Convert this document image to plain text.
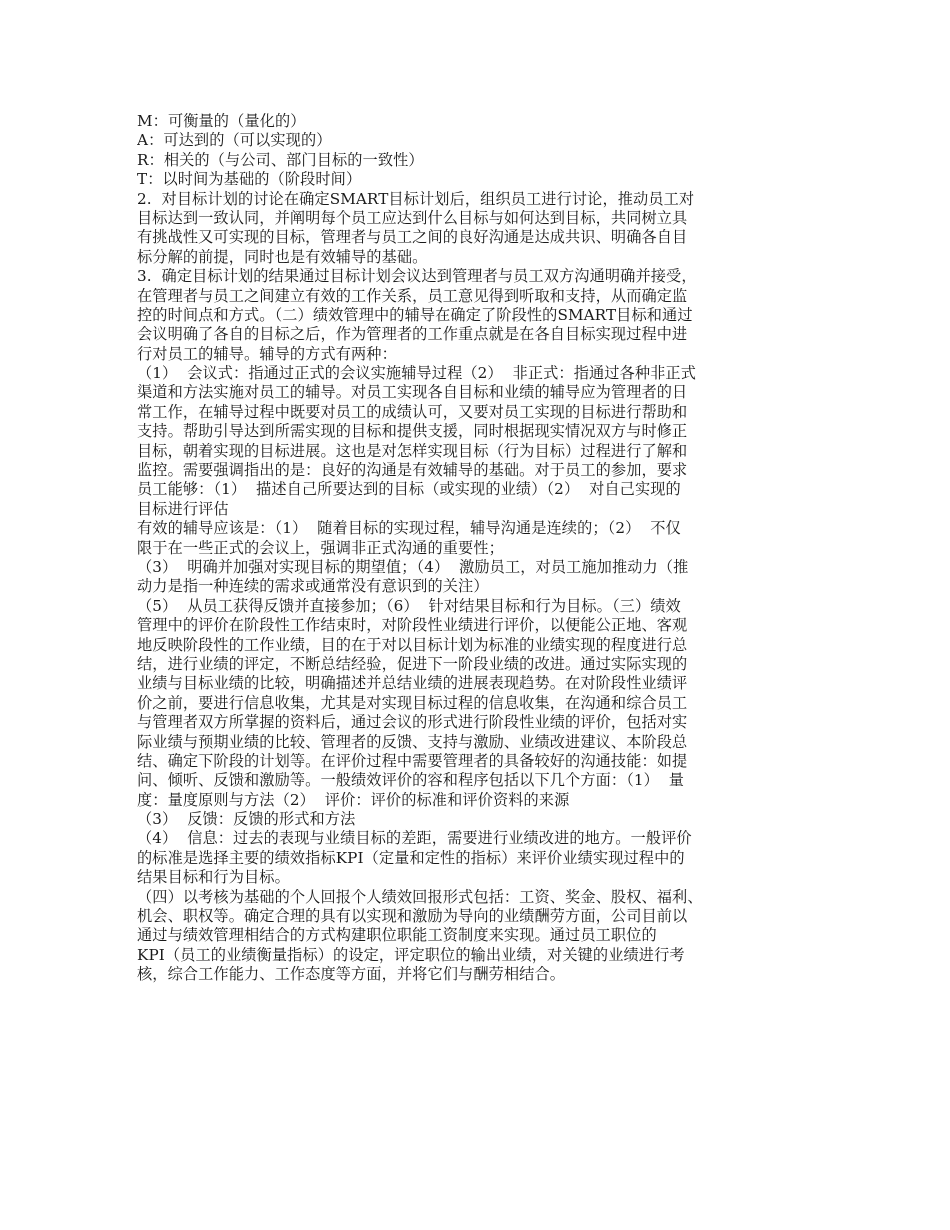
M：可衡量的（量化的）
A：可达到的（可以实现的）
R：相关的（与公司、部门目标的一致性）
T：以时间为基础的（阶段时间）
2.  对目标计划的讨论在确定SMART目标计划后，组织员工进行讨论，推动员工对
目标达到一致认同，并阐明每个员工应达到什么目标与如何达到目标，共同树立具
有挑战性又可实现的目标，管理者与员工之间的良好沟通是达成共识、明确各自目
标分解的前提，同时也是有效辅导的基础。
3.  确定目标计划的结果通过目标计划会议达到管理者与员工双方沟通明确并接受，
在管理者与员工之间建立有效的工作关系，员工意见得到听取和支持，从而确定监
控的时间点和方式。（二）绩效管理中的辅导在确定了阶段性的SMART目标和通过
会议明确了各自的目标之后，作为管理者的工作重点就是在各自目标实现过程中进
行对员工的辅导。辅导的方式有两种：
（1）  会议式：指通过正式的会议实施辅导过程（2）  非正式：指通过各种非正式
渠道和方法实施对员工的辅导。对员工实现各自目标和业绩的辅导应为管理者的日
常工作，在辅导过程中既要对员工的成绩认可，又要对员工实现的目标进行帮助和
支持。帮助引导达到所需实现的目标和提供支援，同时根据现实情况双方与时修正
目标，朝着实现的目标进展。这也是对怎样实现目标（行为目标）过程进行了解和
监控。需要强调指出的是：良好的沟通是有效辅导的基础。对于员工的参加，要求
员工能够：（1）  描述自己所要达到的目标（或实现的业绩）（2）  对自己实现的
目标进行评估
有效的辅导应该是：（1）  随着目标的实现过程，辅导沟通是连续的；（2）  不仅
限于在一些正式的会议上，强调非正式沟通的重要性；
（3）  明确并加强对实现目标的期望值；（4）  激励员工，对员工施加推动力（推
动力是指一种连续的需求或通常没有意识到的关注）
（5）  从员工获得反馈并直接参加；（6）  针对结果目标和行为目标。（三）绩效
管理中的评价在阶段性工作结束时，对阶段性业绩进行评价，以便能公正地、客观
地反映阶段性的工作业绩，目的在于对以目标计划为标准的业绩实现的程度进行总
结，进行业绩的评定，不断总结经验，促进下一阶段业绩的改进。通过实际实现的
业绩与目标业绩的比较，明确描述并总结业绩的进展表现趋势。在对阶段性业绩评
价之前，要进行信息收集，尤其是对实现目标过程的信息收集，在沟通和综合员工
与管理者双方所掌握的资料后，通过会议的形式进行阶段性业绩的评价，包括对实
际业绩与预期业绩的比较、管理者的反馈、支持与激励、业绩改进建议、本阶段总
结、确定下阶段的计划等。在评价过程中需要管理者的具备较好的沟通技能：如提
问、倾听、反馈和激励等。一般绩效评价的容和程序包括以下几个方面：（1）  量
度：量度原则与方法（2）  评价：评价的标准和评价资料的来源
（3）  反馈：反馈的形式和方法
（4）  信息：过去的表现与业绩目标的差距，需要进行业绩改进的地方。一般评价
的标准是选择主要的绩效指标KPI（定量和定性的指标）来评价业绩实现过程中的
结果目标和行为目标。
（四）以考核为基础的个人回报个人绩效回报形式包括：工资、奖金、股权、福利、
机会、职权等。确定合理的具有以实现和激励为导向的业绩酬劳方面，公司目前以
通过与绩效管理相结合的方式构建职位职能工资制度来实现。通过员工职位的
KPI（员工的业绩衡量指标）的设定，评定职位的输出业绩，对关键的业绩进行考
核，综合工作能力、工作态度等方面，并将它们与酬劳相结合。
